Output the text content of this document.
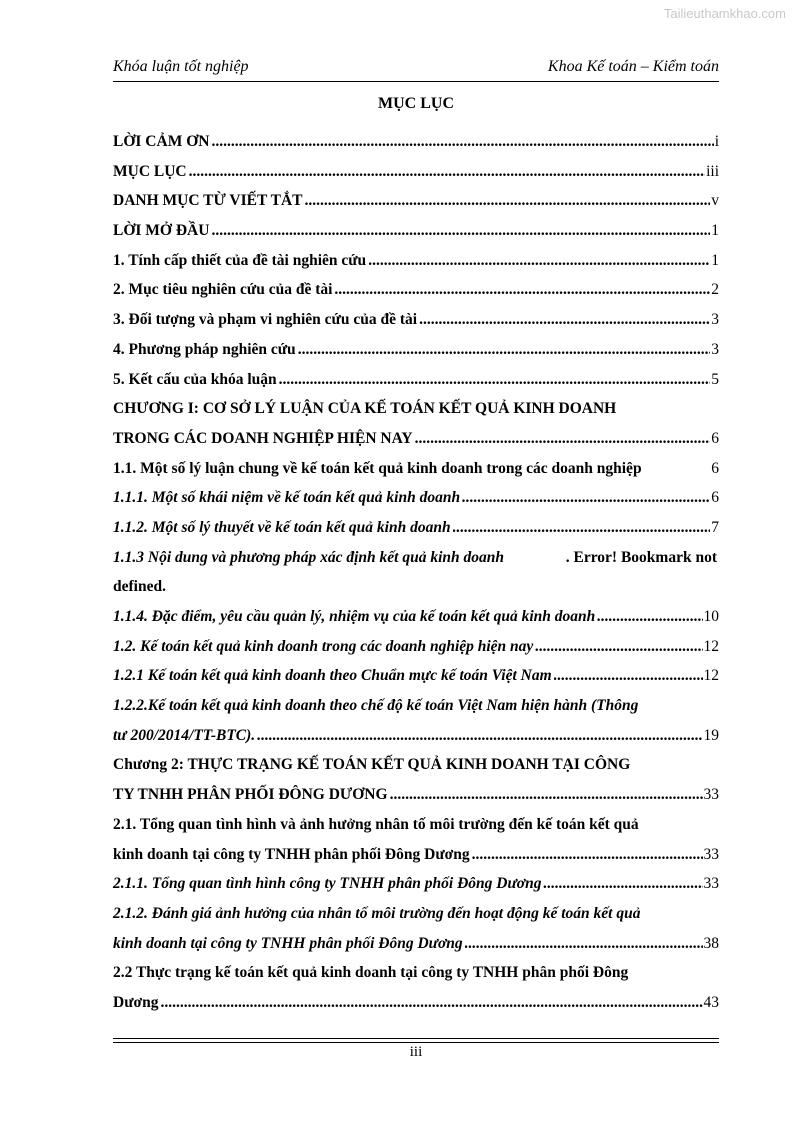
Tailieuthamkhao.com
Khóa luận tốt nghiệp	Khoa Kế toán – Kiểm toán
MỤC LỤC
LỜI CẢM ƠN .....	i
MỤC LỤC .....	iii
DANH MỤC TỪ VIẾT TẮT .....	v
LỜI MỞ ĐẦU .....	1
1. Tính cấp thiết của đề tài nghiên cứu .....	1
2. Mục tiêu nghiên cứu của đề tài .....	2
3. Đối tượng và phạm vi nghiên cứu của đề tài .....	3
4. Phương pháp nghiên cứu .....	3
5. Kết cấu của khóa luận .....	5
CHƯƠNG I: CƠ SỞ LÝ LUẬN CỦA KẾ TOÁN KẾT QUẢ KINH DOANH
TRONG CÁC DOANH NGHIỆP HIỆN NAY .....	6
1.1. Một số lý luận chung về kế toán kết quả kinh doanh trong các doanh nghiệp	6
1.1.1. Một số khái niệm về kế toán kết quả kinh doanh .....	6
1.1.2. Một số lý thuyết về kế toán kết quả kinh doanh .....	7
1.1.3 Nội dung và phương pháp xác định kết quả kinh doanh	. Error! Bookmark not
defined.
1.1.4. Đặc điểm, yêu cầu quản lý, nhiệm vụ của kế toán kết quả kinh doanh .....	10
1.2. Kế toán kết quả kinh doanh trong các doanh nghiệp hiện nay .....	12
1.2.1 Kế toán kết quả kinh doanh theo Chuẩn mực kế toán Việt Nam .....	12
1.2.2.Kế toán kết quả kinh doanh theo chế độ kế toán Việt Nam hiện hành (Thông
tư 200/2014/TT-BTC). .....	19
Chương 2: THỰC TRẠNG KẾ TOÁN KẾT QUẢ KINH DOANH TẠI CÔNG
TY TNHH PHÂN PHỐI ĐÔNG DƯƠNG .....	33
2.1. Tổng quan tình hình và ảnh hưởng nhân tố môi trường đến kế toán kết quả
kinh doanh tại công ty TNHH phân phối Đông Dương .....	33
2.1.1. Tổng quan tình hình công ty TNHH phân phối Đông Dương .....	33
2.1.2. Đánh giá ảnh hưởng của nhân tố môi trường đến hoạt động kế toán kết quả
kinh doanh tại công ty TNHH phân phối Đông Dương .....	38
2.2 Thực trạng kế toán kết quả kinh doanh tại công ty TNHH phân phối Đông
Dương .....	43
iii
